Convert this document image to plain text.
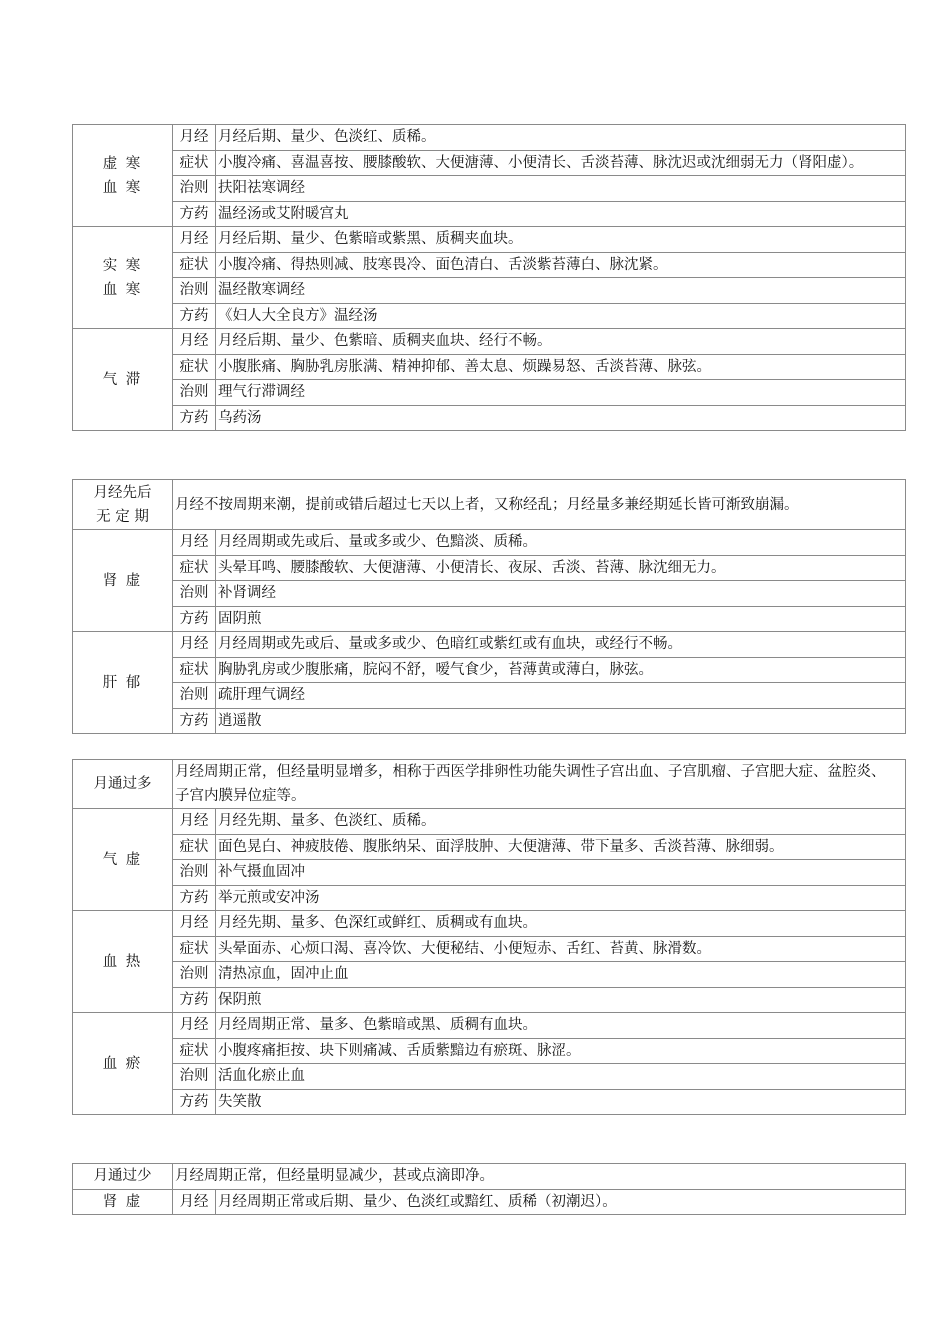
虚 寒
血 寒	月经	月经后期、量少、色淡红、质稀。
	症状	小腹冷痛、喜温喜按、腰膝酸软、大便溏薄、小便清长、舌淡苔薄、脉沈迟或沈细弱无力（肾阳虚）。
	治则	扶阳祛寒调经
	方药	温经汤或艾附暖宫丸

实 寒
血 寒	月经	月经后期、量少、色紫暗或紫黑、质稠夹血块。
	症状	小腹冷痛、得热则减、肢寒畏冷、面色清白、舌淡紫苔薄白、脉沈紧。
	治则	温经散寒调经
	方药	《妇人大全良方》温经汤

气 滞	月经	月经后期、量少、色紫暗、质稠夹血块、经行不畅。
	症状	小腹胀痛、胸胁乳房胀满、精神抑郁、善太息、烦躁易怒、舌淡苔薄、脉弦。
	治则	理气行滞调经
	方药	乌药汤
月经先后
无 定 期	月经不按周期来潮，提前或错后超过七天以上者，又称经乱；月经量多兼经期延长皆可渐致崩漏。	

肾 虚	月经	月经周期或先或后、量或多或少、色黯淡、质稀。
	症状	头晕耳鸣、腰膝酸软、大便溏薄、小便清长、夜尿、舌淡、苔薄、脉沈细无力。
	治则	补肾调经
	方药	固阴煎

肝 郁	月经	月经周期或先或后、量或多或少、色暗红或紫红或有血块，或经行不畅。
	症状	胸胁乳房或少腹胀痛，脘闷不舒，嗳气食少，苔薄黄或薄白，脉弦。
	治则	疏肝理气调经
	方药	逍遥散
月通过多	月经周期正常，但经量明显增多，相称于西医学排卵性功能失调性子宫出血、子宫肌瘤、子宫肥大症、盆腔炎、
子宫内膜异位症等。	

气 虚	月经	月经先期、量多、色淡红、质稀。
	症状	面色晃白、神疲肢倦、腹胀纳呆、面浮肢肿、大便溏薄、带下量多、舌淡苔薄、脉细弱。
	治则	补气摄血固冲
	方药	举元煎或安冲汤

血 热	月经	月经先期、量多、色深红或鲜红、质稠或有血块。
	症状	头晕面赤、心烦口渴、喜冷饮、大便秘结、小便短赤、舌红、苔黄、脉滑数。
	治则	清热凉血，固冲止血
	方药	保阴煎

血 瘀	月经	月经周期正常、量多、色紫暗或黑、质稠有血块。
	症状	小腹疼痛拒按、块下则痛减、舌质紫黯边有瘀斑、脉涩。
	治则	活血化瘀止血
	方药	失笑散
月通过少	月经周期正常，但经量明显减少，甚或点滴即净。	

肾 虚	月经	月经周期正常或后期、量少、色淡红或黯红、质稀（初潮迟）。
